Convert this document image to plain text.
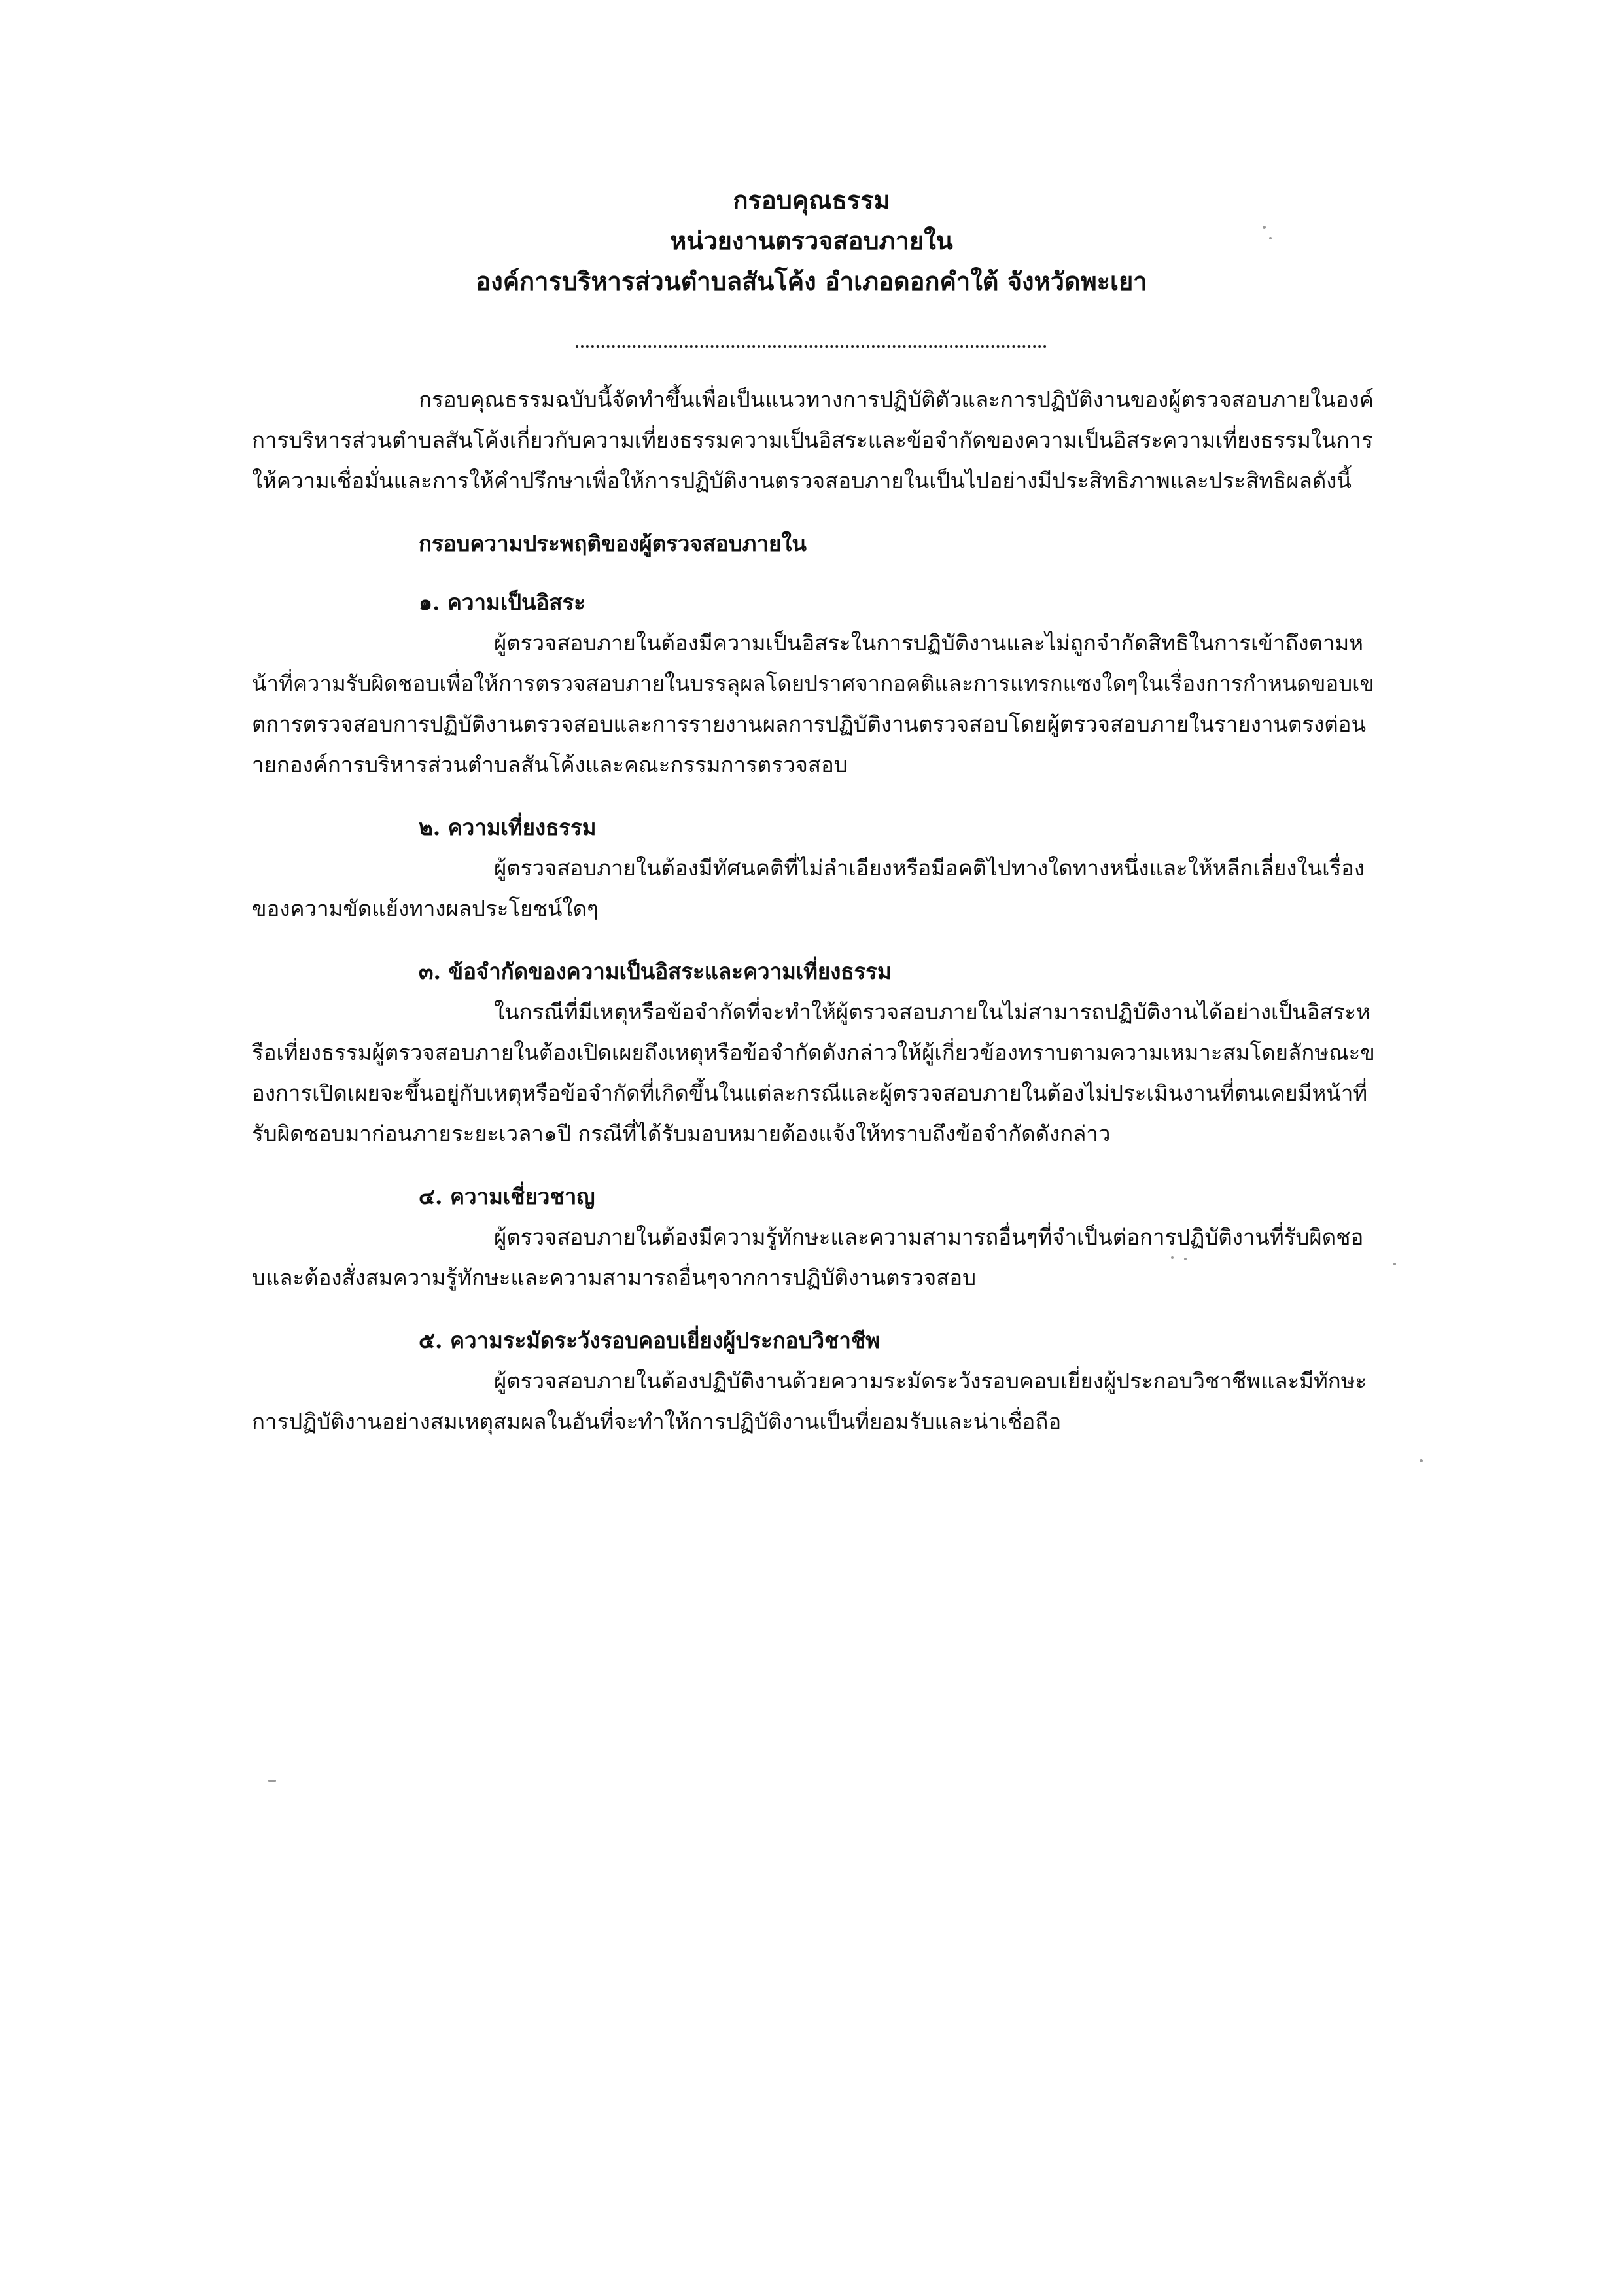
กรอบคุณธรรม
หน่วยงานตรวจสอบภายใน
องค์การบริหารส่วนตำบลสันโค้ง อำเภอดอกคำใต้ จังหวัดพะเยา

กรอบคุณธรรมฉบับนี้จัดทำขึ้นเพื่อเป็นแนวทางการปฏิบัติตัวและการปฏิบัติงานของผู้ตรวจสอบภายในองค์การบริหารส่วนตำบลสันโค้งเกี่ยวกับความเที่ยงธรรมความเป็นอิสระและข้อจำกัดของความเป็นอิสระความเที่ยงธรรมในการให้ความเชื่อมั่นและการให้คำปรึกษาเพื่อให้การปฏิบัติงานตรวจสอบภายในเป็นไปอย่างมีประสิทธิภาพและประสิทธิผลดังนี้

กรอบความประพฤติของผู้ตรวจสอบภายใน

๑. ความเป็นอิสระ

ผู้ตรวจสอบภายในต้องมีความเป็นอิสระในการปฏิบัติงานและไม่ถูกจำกัดสิทธิในการเข้าถึงตามหน้าที่ความรับผิดชอบเพื่อให้การตรวจสอบภายในบรรลุผลโดยปราศจากอคติและการแทรกแซงใดๆในเรื่องการกำหนดขอบเขตการตรวจสอบการปฏิบัติงานตรวจสอบและการรายงานผลการปฏิบัติงานตรวจสอบโดยผู้ตรวจสอบภายในรายงานตรงต่อนายกองค์การบริหารส่วนตำบลสันโค้งและคณะกรรมการตรวจสอบ

๒. ความเที่ยงธรรม

ผู้ตรวจสอบภายในต้องมีทัศนคติที่ไม่ลำเอียงหรือมีอคติไปทางใดทางหนึ่งและให้หลีกเลี่ยงในเรื่องของความขัดแย้งทางผลประโยชน์ใดๆ

๓. ข้อจำกัดของความเป็นอิสระและความเที่ยงธรรม

ในกรณีที่มีเหตุหรือข้อจำกัดที่จะทำให้ผู้ตรวจสอบภายในไม่สามารถปฏิบัติงานได้อย่างเป็นอิสระหรือเที่ยงธรรมผู้ตรวจสอบภายในต้องเปิดเผยถึงเหตุหรือข้อจำกัดดังกล่าวให้ผู้เกี่ยวข้องทราบตามความเหมาะสมโดยลักษณะของการเปิดเผยจะขึ้นอยู่กับเหตุหรือข้อจำกัดที่เกิดขึ้นในแต่ละกรณีและผู้ตรวจสอบภายในต้องไม่ประเมินงานที่ตนเคยมีหน้าที่รับผิดชอบมาก่อนภายระยะเวลา๑ปี กรณีที่ได้รับมอบหมายต้องแจ้งให้ทราบถึงข้อจำกัดดังกล่าว

๔. ความเชี่ยวชาญ

ผู้ตรวจสอบภายในต้องมีความรู้ทักษะและความสามารถอื่นๆที่จำเป็นต่อการปฏิบัติงานที่รับผิดชอบและต้องสั่งสมความรู้ทักษะและความสามารถอื่นๆจากการปฏิบัติงานตรวจสอบ

๕. ความระมัดระวังรอบคอบเยี่ยงผู้ประกอบวิชาชีพ

ผู้ตรวจสอบภายในต้องปฏิบัติงานด้วยความระมัดระวังรอบคอบเยี่ยงผู้ประกอบวิชาชีพและมีทักษะการปฏิบัติงานอย่างสมเหตุสมผลในอันที่จะทำให้การปฏิบัติงานเป็นที่ยอมรับและน่าเชื่อถือ
